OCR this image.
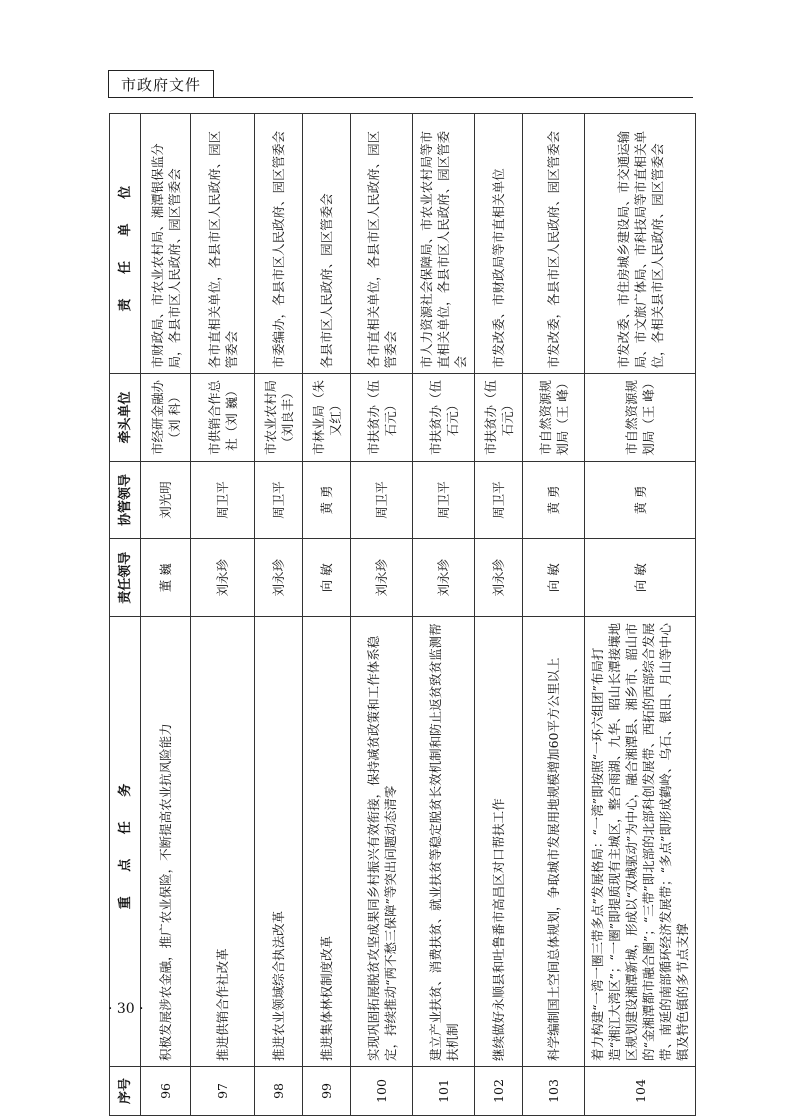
市政府文件
序号	重 点 任 务	责任领导	协管领导	牵头单位	责 任 单 位
96	积极发展涉农金融，推广农业保险，不断提高农业抗风险能力	董 巍	刘光明	市经研金融办（刘 科）	市财政局、市农业农村局、湘潭银保监分局，各县市区人民政府、园区管委会
97	推进供销合作社改革	刘永珍	周卫平	市供销合作总社（刘 巍）	各市直相关单位，各县市区人民政府、园区管委会
98	推进农业领域综合执法改革	刘永珍	周卫平	市农业农村局（刘良丰）	市委编办，各县市区人民政府、园区管委会
99	推进集体林权制度改革	向 敏	黄 勇	市林业局（朱又红）	各县市区人民政府、园区管委会
100	实现巩固拓展脱贫攻坚成果同乡村振兴有效衔接，保持减贫政策和工作体系稳定，持续推动“两不愁三保障”等突出问题动态清零	刘永珍	周卫平	市扶贫办（伍石元）	各市直相关单位，各县市区人民政府、园区管委会
101	建立产业扶贫、消费扶贫、就业扶贫等稳定脱贫长效机制和防止返贫致贫监测帮扶机制	刘永珍	周卫平	市扶贫办（伍石元）	市人力资源社会保障局、市农业农村局等市直相关单位，各县市区人民政府、园区管委会
102	继续做好永顺县和吐鲁番市高昌区对口帮扶工作	刘永珍	周卫平	市扶贫办（伍石元）	市发改委、市财政局等市直相关单位
103	科学编制国土空间总体规划，争取城市发展用地规模增加60平方公里以上	向 敏	黄 勇	市自然资源规划局（王 峰）	市发改委，各县市区人民政府、园区管委会
104	着力构建“一湾一圈三带多点”发展格局：“一湾”即按照“一环六组团”布局打造“湘江大湾区”；“一圈”即提质现有主城区，整合雨湖、九华、昭山长潭接壤地区规划建设湘潭新城，形成以“双城驱动”为中心，融合湘潭县、湘乡市、韶山市的“金湘潭都市融合圈”；“三带”即北部的北部科创发展带、西拓的西部综合发展带、南延的南部循环经济发展带；“多点”即形成鹤岭、乌石、银田、月山等中心镇及特色镇的多节点支撑	向 敏	黄 勇	市自然资源规划局（王 峰）	市发改委、市住房城乡建设局、市交通运输局、市文旅广体局、市科技局等市直相关单位，各相关县市区人民政府、园区管委会
· 30 ·
